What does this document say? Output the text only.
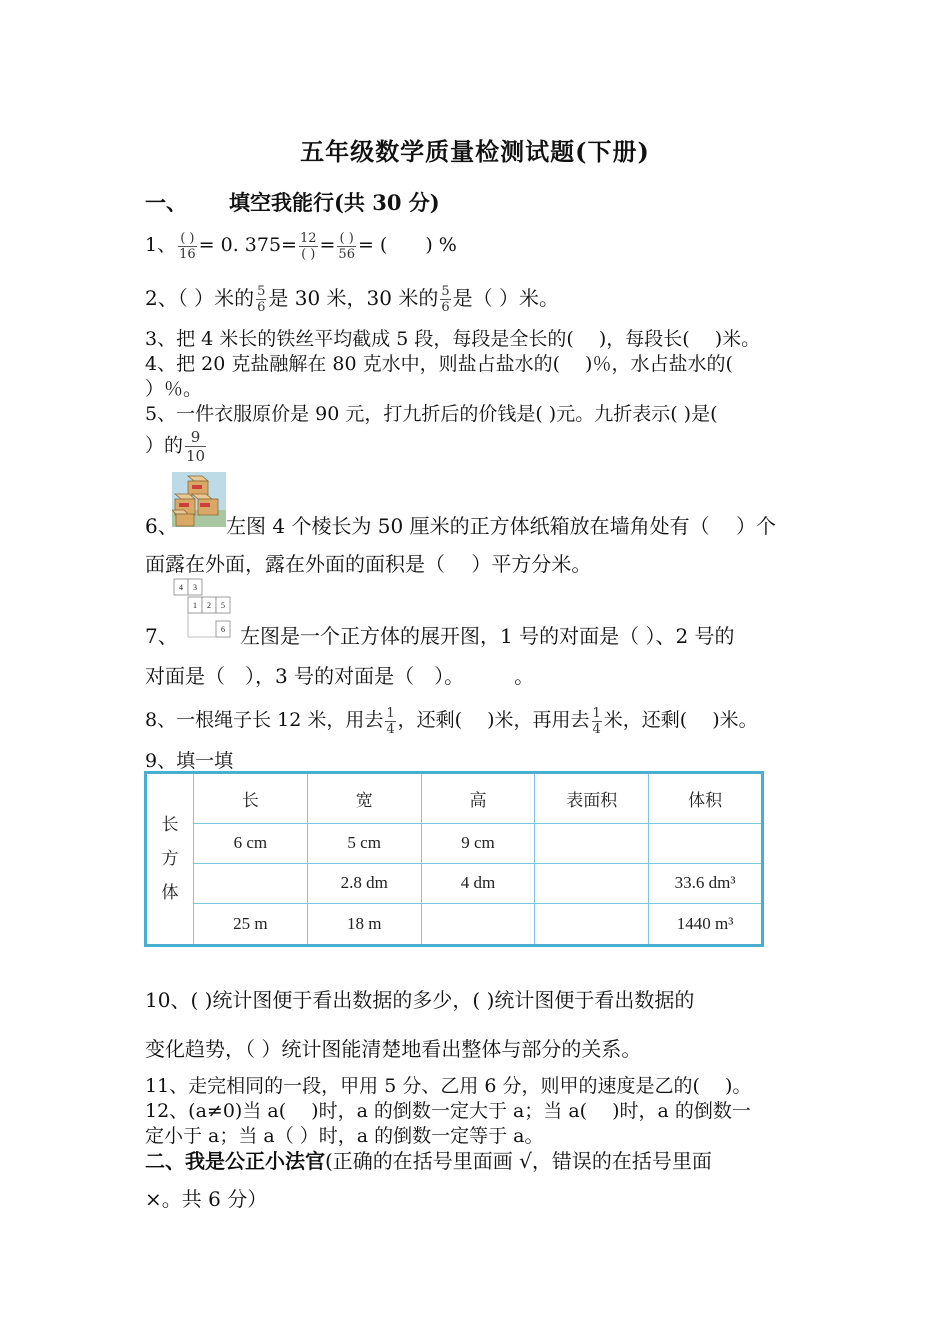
五年级数学质量检测试题(下册)
一、 填空我能行(共 30 分)
1、 $\frac{( )}{16} = 0$. $375= \frac{12}{( )} = \frac{( )}{56}$ = (　　) %
2、（ ）米的 $\frac{5}{6}$ 是 30 米，30 米的 $\frac{5}{6}$ 是（ ）米。
3、把 4 米长的铁丝平均截成 5 段，每段是全长的(　 )，每段长(　 )米。
4、把 20 克盐融解在 80 克水中，则盐占盐水的(　 )％，水占盐水的(
）％。
5、一件衣服原价是 90 元，打九折后的价钱是( )元。九折表示( )是(
）的 $\frac{9}{10}$
6、 左图 4 个棱长为 50 厘米的正方体纸箱放在墙角处有（　 ）个
面露在外面，露在外面的面积是（　 ）平方分米。
4 3
1 2 5
6
7、	左图是一个正方体的展开图，1 号的对面是（ ）、2 号的
对面是（　），3 号的对面是（　）。　　　。
8、一根绳子长 12 米，用去 $\frac{1}{4}$ ，还剩(　 )米，再用去 $\frac{1}{4}$ 米，还剩(　 )米。
9、填一填
长
方
体	长	宽	高	表面积	体积
	6 cm	5 cm	9 cm		
		2.8 dm	4 dm		33.6 dm³
	25 m	18 m			1440 m³
10、( )统计图便于看出数据的多少，( )统计图便于看出数据的
变化趋势，（ ）统计图能清楚地看出整体与部分的关系。
11、走完相同的一段，甲用 5 分、乙用 6 分，则甲的速度是乙的(　 )。
12、(a≠0)当 a(　 )时，a 的倒数一定大于 a；当 a(　 )时，a 的倒数一
定小于 a；当 a（ ）时，a 的倒数一定等于 a。
二、我是公正小法官(正确的在括号里面画 √，错误的在括号里面
×。共 6 分）
